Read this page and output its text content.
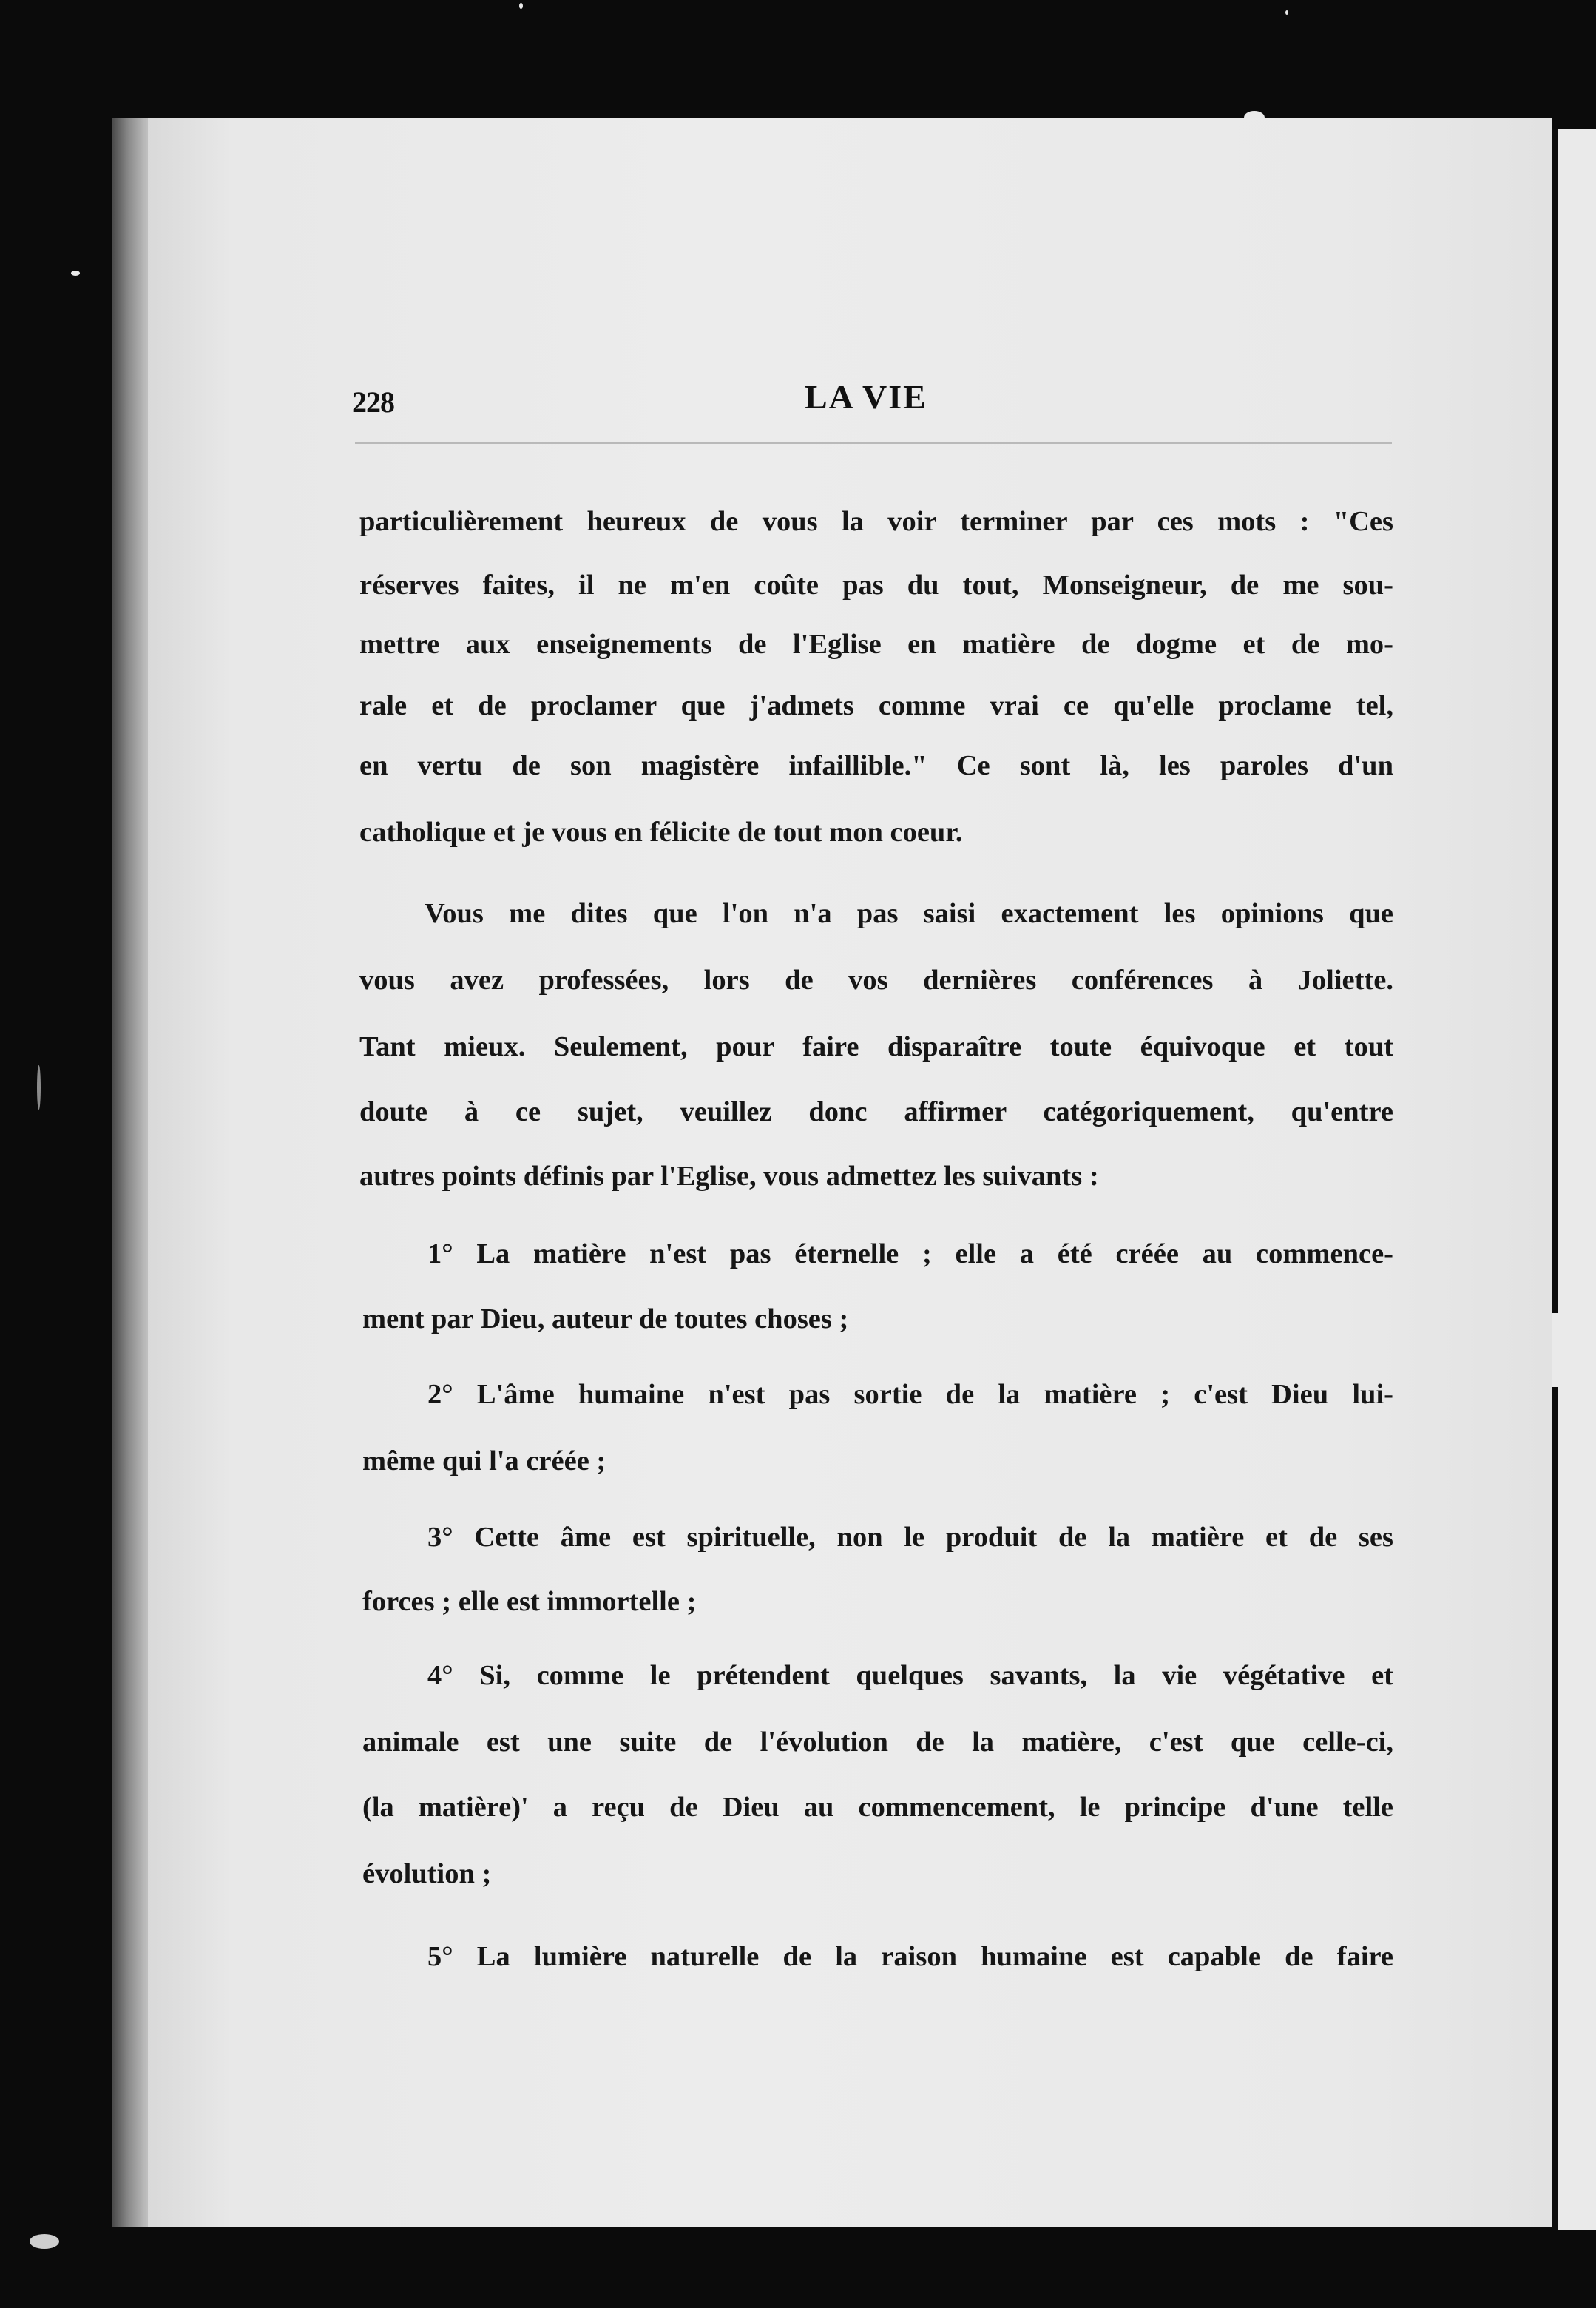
228	LA VIE

particulièrement heureux de vous la voir terminer par ces mots : "Ces

réserves faites, il ne m'en coûte pas du tout, Monseigneur, de me sou-

mettre aux enseignements de l'Eglise en matière de dogme et de mo-

rale et de proclamer que j'admets comme vrai ce qu'elle proclame tel,

en vertu de son magistère infaillible." Ce sont là, les paroles d'un

catholique et je vous en félicite de tout mon coeur.

Vous me dites que l'on n'a pas saisi exactement les opinions que

vous avez professées, lors de vos dernières conférences à Joliette.

Tant mieux. Seulement, pour faire disparaître toute équivoque et tout

doute à ce sujet, veuillez donc affirmer catégoriquement, qu'entre

autres points définis par l'Eglise, vous admettez les suivants :

1° La matière n'est pas éternelle ; elle a été créée au commence-

ment par Dieu, auteur de toutes choses ;

2° L'âme humaine n'est pas sortie de la matière ; c'est Dieu lui-

même qui l'a créée ;

3° Cette âme est spirituelle, non le produit de la matière et de ses

forces ; elle est immortelle ;

4° Si, comme le prétendent quelques savants, la vie végétative et

animale est une suite de l'évolution de la matière, c'est que celle-ci,

(la matière)' a reçu de Dieu au commencement, le principe d'une telle

évolution ;

5° La lumière naturelle de la raison humaine est capable de faire
